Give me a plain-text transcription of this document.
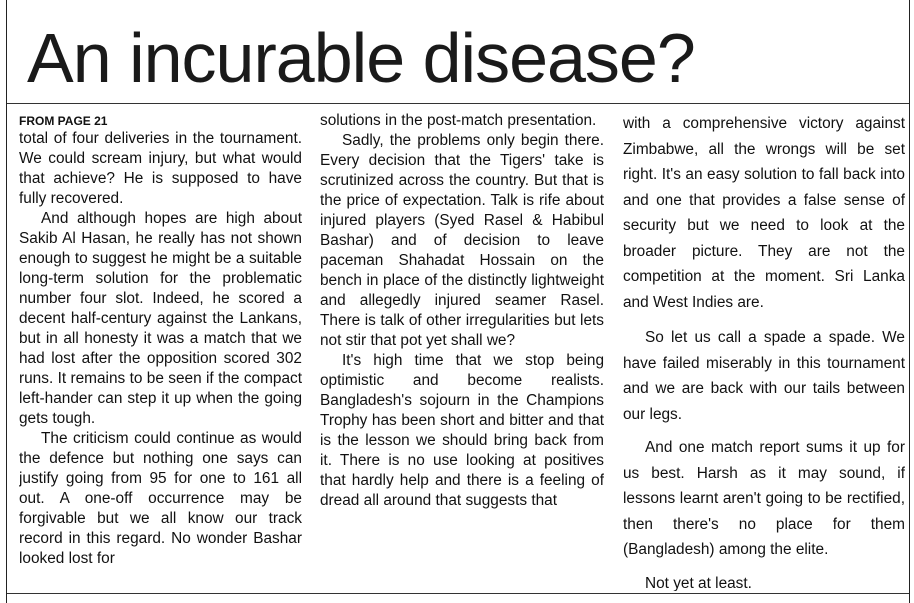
An incurable disease?
FROM PAGE 21

total of four deliveries in the tournament. We could scream injury, but what would that achieve? He is supposed to have fully recovered.

And although hopes are high about Sakib Al Hasan, he really has not shown enough to suggest he might be a suitable long-term solution for the problematic number four slot. Indeed, he scored a decent half-century against the Lankans, but in all honesty it was a match that we had lost after the opposition scored 302 runs. It remains to be seen if the compact left-hander can step it up when the going gets tough.

The criticism could continue as would the defence but nothing one says can justify going from 95 for one to 161 all out. A one-off occurrence may be forgivable but we all know our track record in this regard. No wonder Bashar looked lost for

solutions in the post-match presentation.

Sadly, the problems only begin there. Every decision that the Tigers' take is scrutinized across the country. But that is the price of expectation. Talk is rife about injured players (Syed Rasel & Habibul Bashar) and of decision to leave paceman Shahadat Hossain on the bench in place of the distinctly lightweight and allegedly injured seamer Rasel. There is talk of other irregularities but lets not stir that pot yet shall we?

It's high time that we stop being optimistic and become realists. Bangladesh's sojourn in the Champions Trophy has been short and bitter and that is the lesson we should bring back from it. There is no use looking at positives that hardly help and there is a feeling of dread all around that suggests that

with a comprehensive victory against Zimbabwe, all the wrongs will be set right. It's an easy solution to fall back into and one that provides a false sense of security but we need to look at the broader picture. They are not the competition at the moment. Sri Lanka and West Indies are.

So let us call a spade a spade. We have failed miserably in this tournament and we are back with our tails between our legs.

And one match report sums it up for us best. Harsh as it may sound, if lessons learnt aren't going to be rectified, then there's no place for them (Bangladesh) among the elite.

Not yet at least.
